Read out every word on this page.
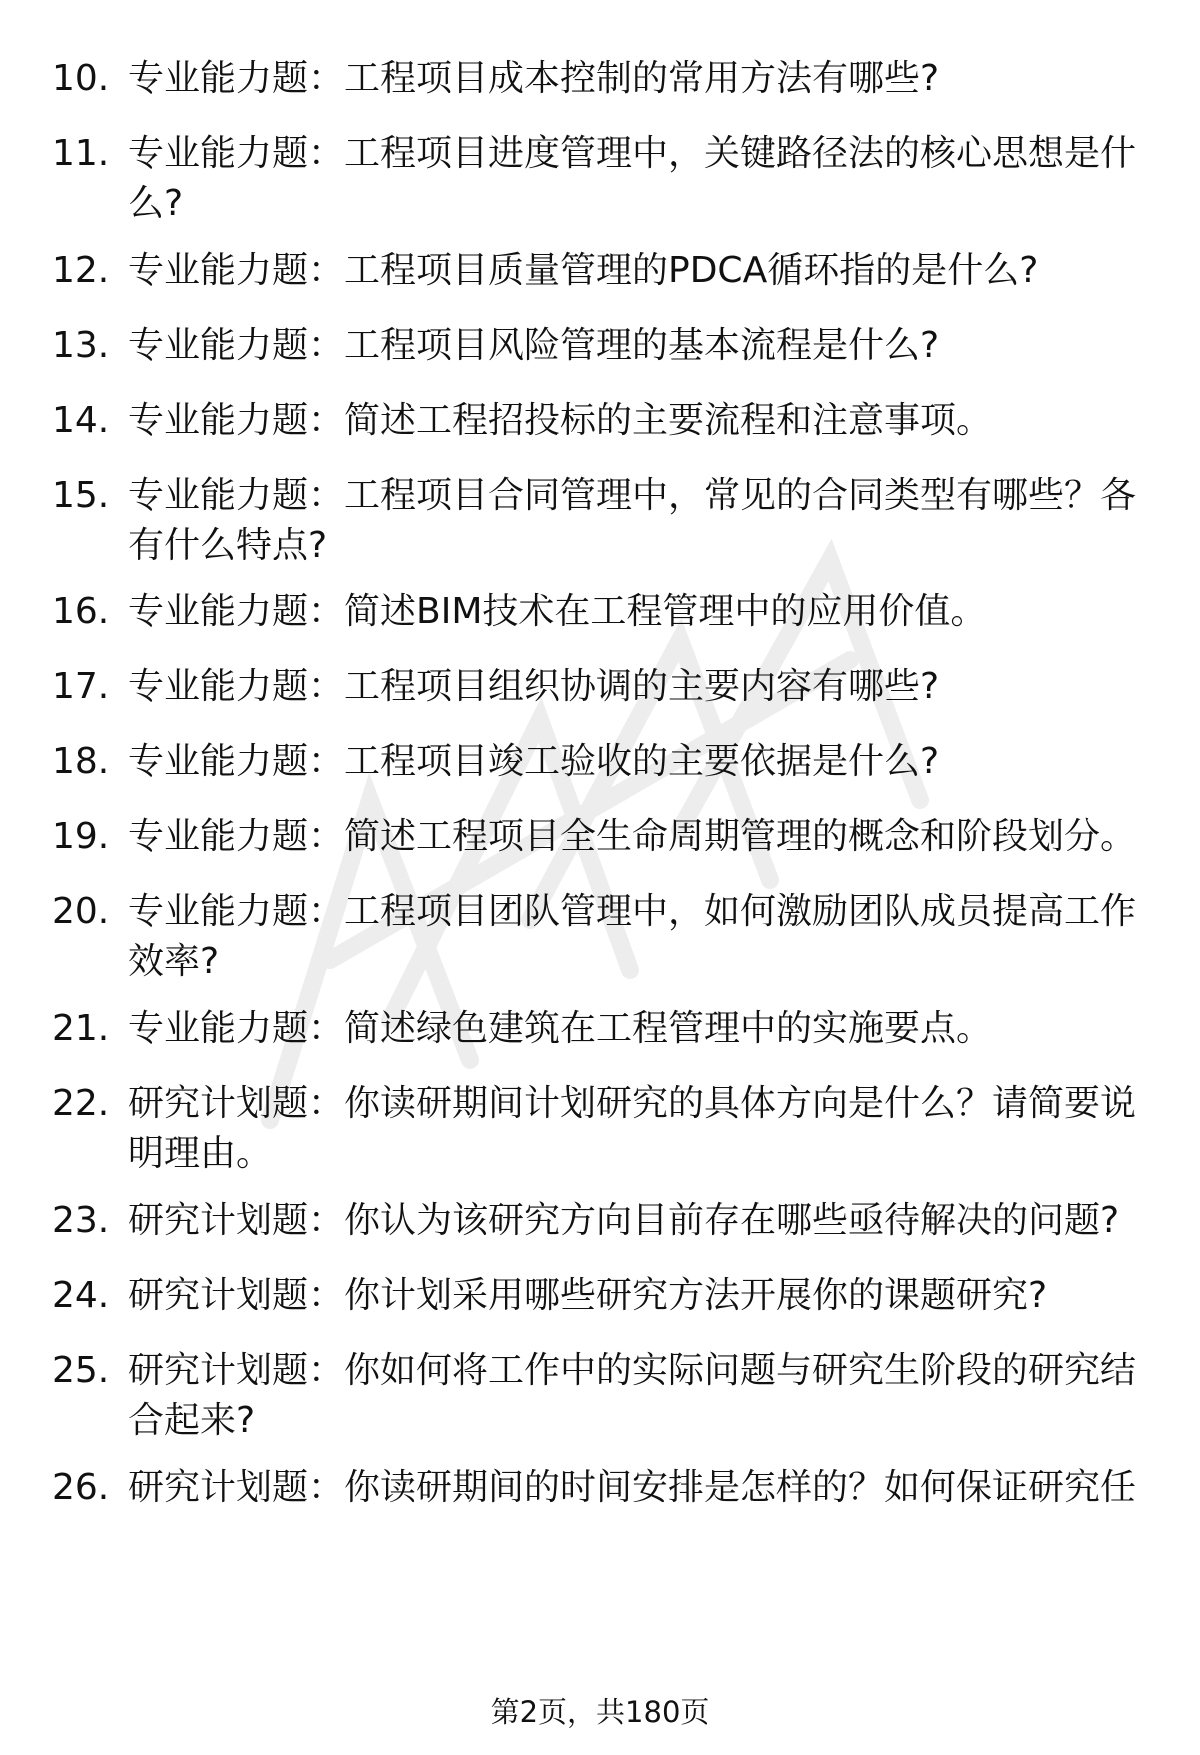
10. 专业能力题：工程项目成本控制的常用方法有哪些?
11. 专业能力题：工程项目进度管理中，关键路径法的核心思想是什么?
12. 专业能力题：工程项目质量管理的PDCA循环指的是什么?
13. 专业能力题：工程项目风险管理的基本流程是什么?
14. 专业能力题：简述工程招投标的主要流程和注意事项。
15. 专业能力题：工程项目合同管理中，常见的合同类型有哪些？各有什么特点?
16. 专业能力题：简述BIM技术在工程管理中的应用价值。
17. 专业能力题：工程项目组织协调的主要内容有哪些?
18. 专业能力题：工程项目竣工验收的主要依据是什么?
19. 专业能力题：简述工程项目全生命周期管理的概念和阶段划分。
20. 专业能力题：工程项目团队管理中，如何激励团队成员提高工作效率?
21. 专业能力题：简述绿色建筑在工程管理中的实施要点。
22. 研究计划题：你读研期间计划研究的具体方向是什么？请简要说明理由。
23. 研究计划题：你认为该研究方向目前存在哪些亟待解决的问题?
24. 研究计划题：你计划采用哪些研究方法开展你的课题研究?
25. 研究计划题：你如何将工作中的实际问题与研究生阶段的研究结合起来?
26. 研究计划题：你读研期间的时间安排是怎样的？如何保证研究任
第2页，共180页
